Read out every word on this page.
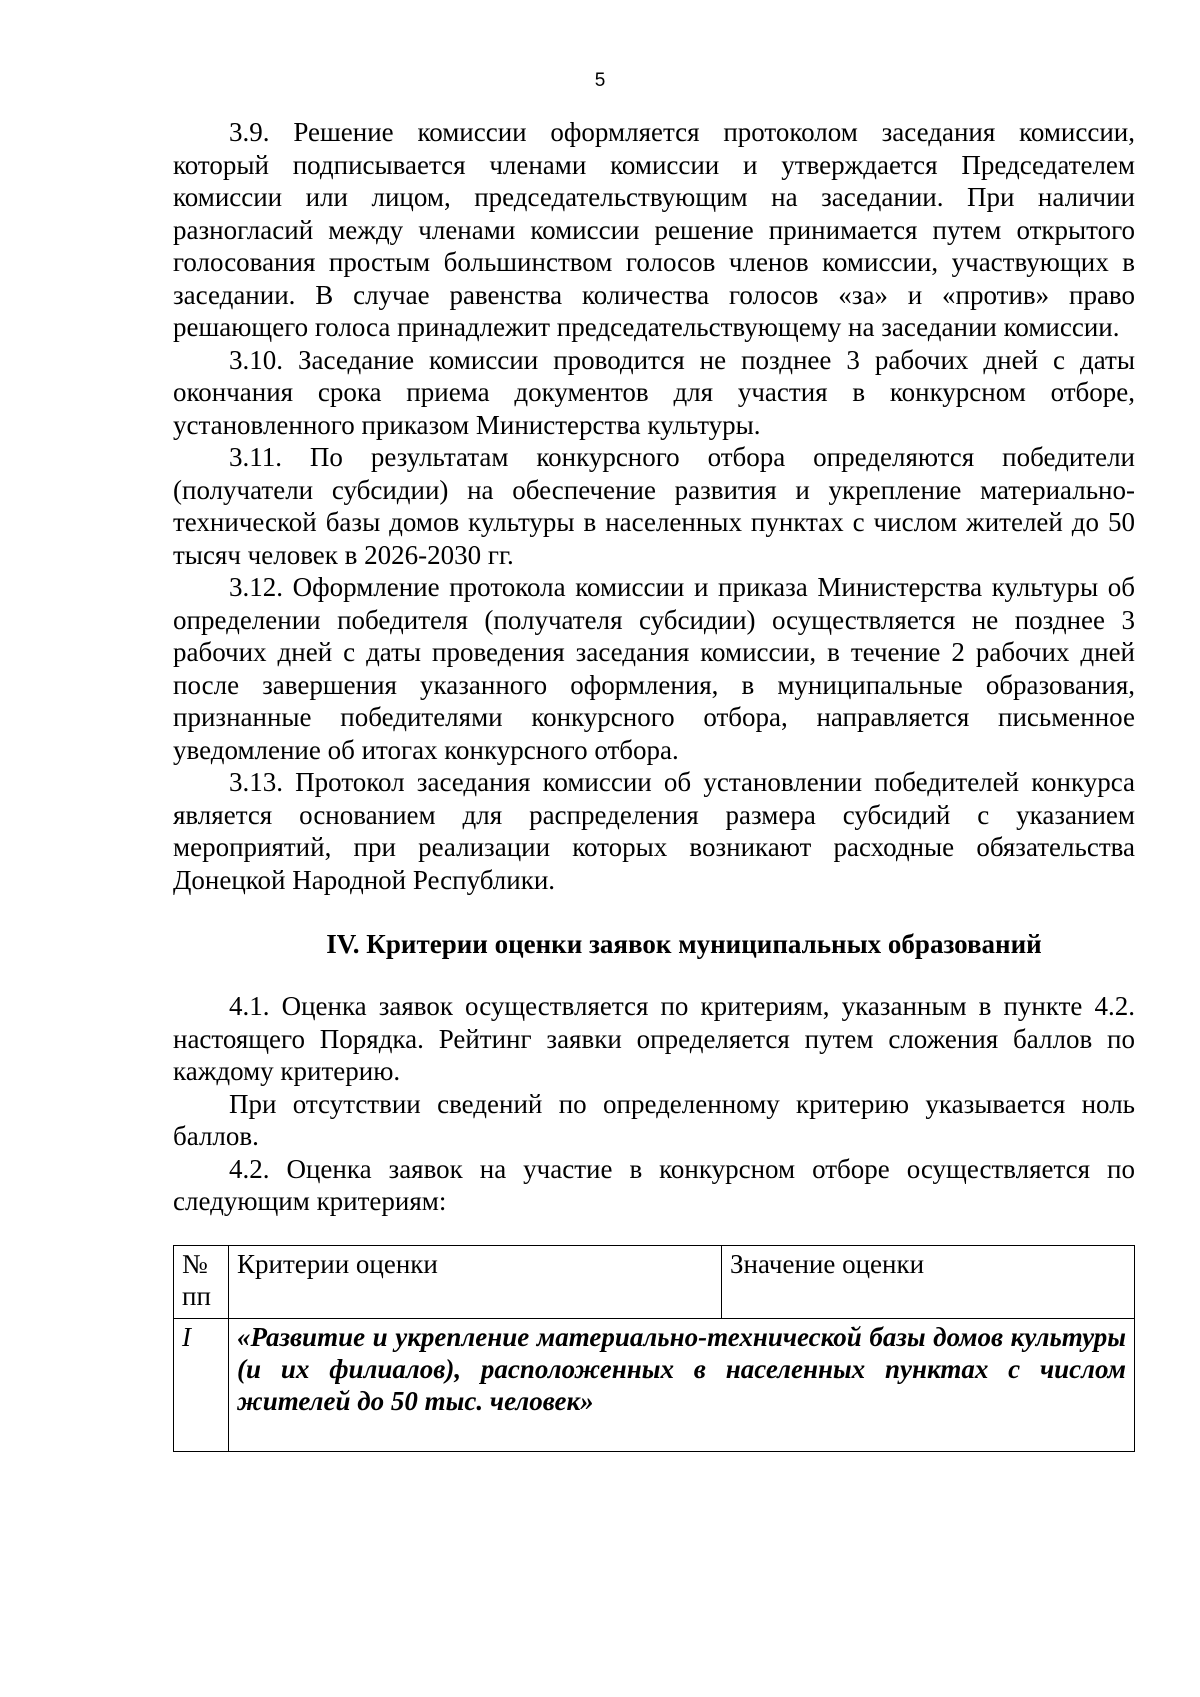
5

3.9. Решение комиссии оформляется протоколом заседания комиссии, который подписывается членами комиссии и утверждается Председателем комиссии или лицом, председательствующим на заседании. При наличии разногласий между членами комиссии решение принимается путем открытого голосования простым большинством голосов членов комиссии, участвующих в заседании. В случае равенства количества голосов «за» и «против» право решающего голоса принадлежит председательствующему на заседании комиссии.

3.10. Заседание комиссии проводится не позднее 3 рабочих дней с даты окончания срока приема документов для участия в конкурсном отборе, установленного приказом Министерства культуры.

3.11. По результатам конкурсного отбора определяются победители (получатели субсидии) на обеспечение развития и укрепление материально-технической базы домов культуры в населенных пунктах с числом жителей до 50 тысяч человек в 2026-2030 гг.

3.12. Оформление протокола комиссии и приказа Министерства культуры об определении победителя (получателя субсидии) осуществляется не позднее 3 рабочих дней с даты проведения заседания комиссии, в течение 2 рабочих дней после завершения указанного оформления, в муниципальные образования, признанные победителями конкурсного отбора, направляется письменное уведомление об итогах конкурсного отбора.

3.13. Протокол заседания комиссии об установлении победителей конкурса является основанием для распределения размера субсидий с указанием мероприятий, при реализации которых возникают расходные обязательства Донецкой Народной Республики.

IV. Критерии оценки заявок муниципальных образований

4.1. Оценка заявок осуществляется по критериям, указанным в пункте 4.2. настоящего Порядка. Рейтинг заявки определяется путем сложения баллов по каждому критерию.

При отсутствии сведений по определенному критерию указывается ноль баллов.

4.2. Оценка заявок на участие в конкурсном отборе осуществляется по следующим критериям:

№ пп	Критерии оценки	Значение оценки
I	«Развитие и укрепление материально-технической базы домов культуры (и их филиалов), расположенных в населенных пунктах с числом жителей до 50 тыс. человек»	
